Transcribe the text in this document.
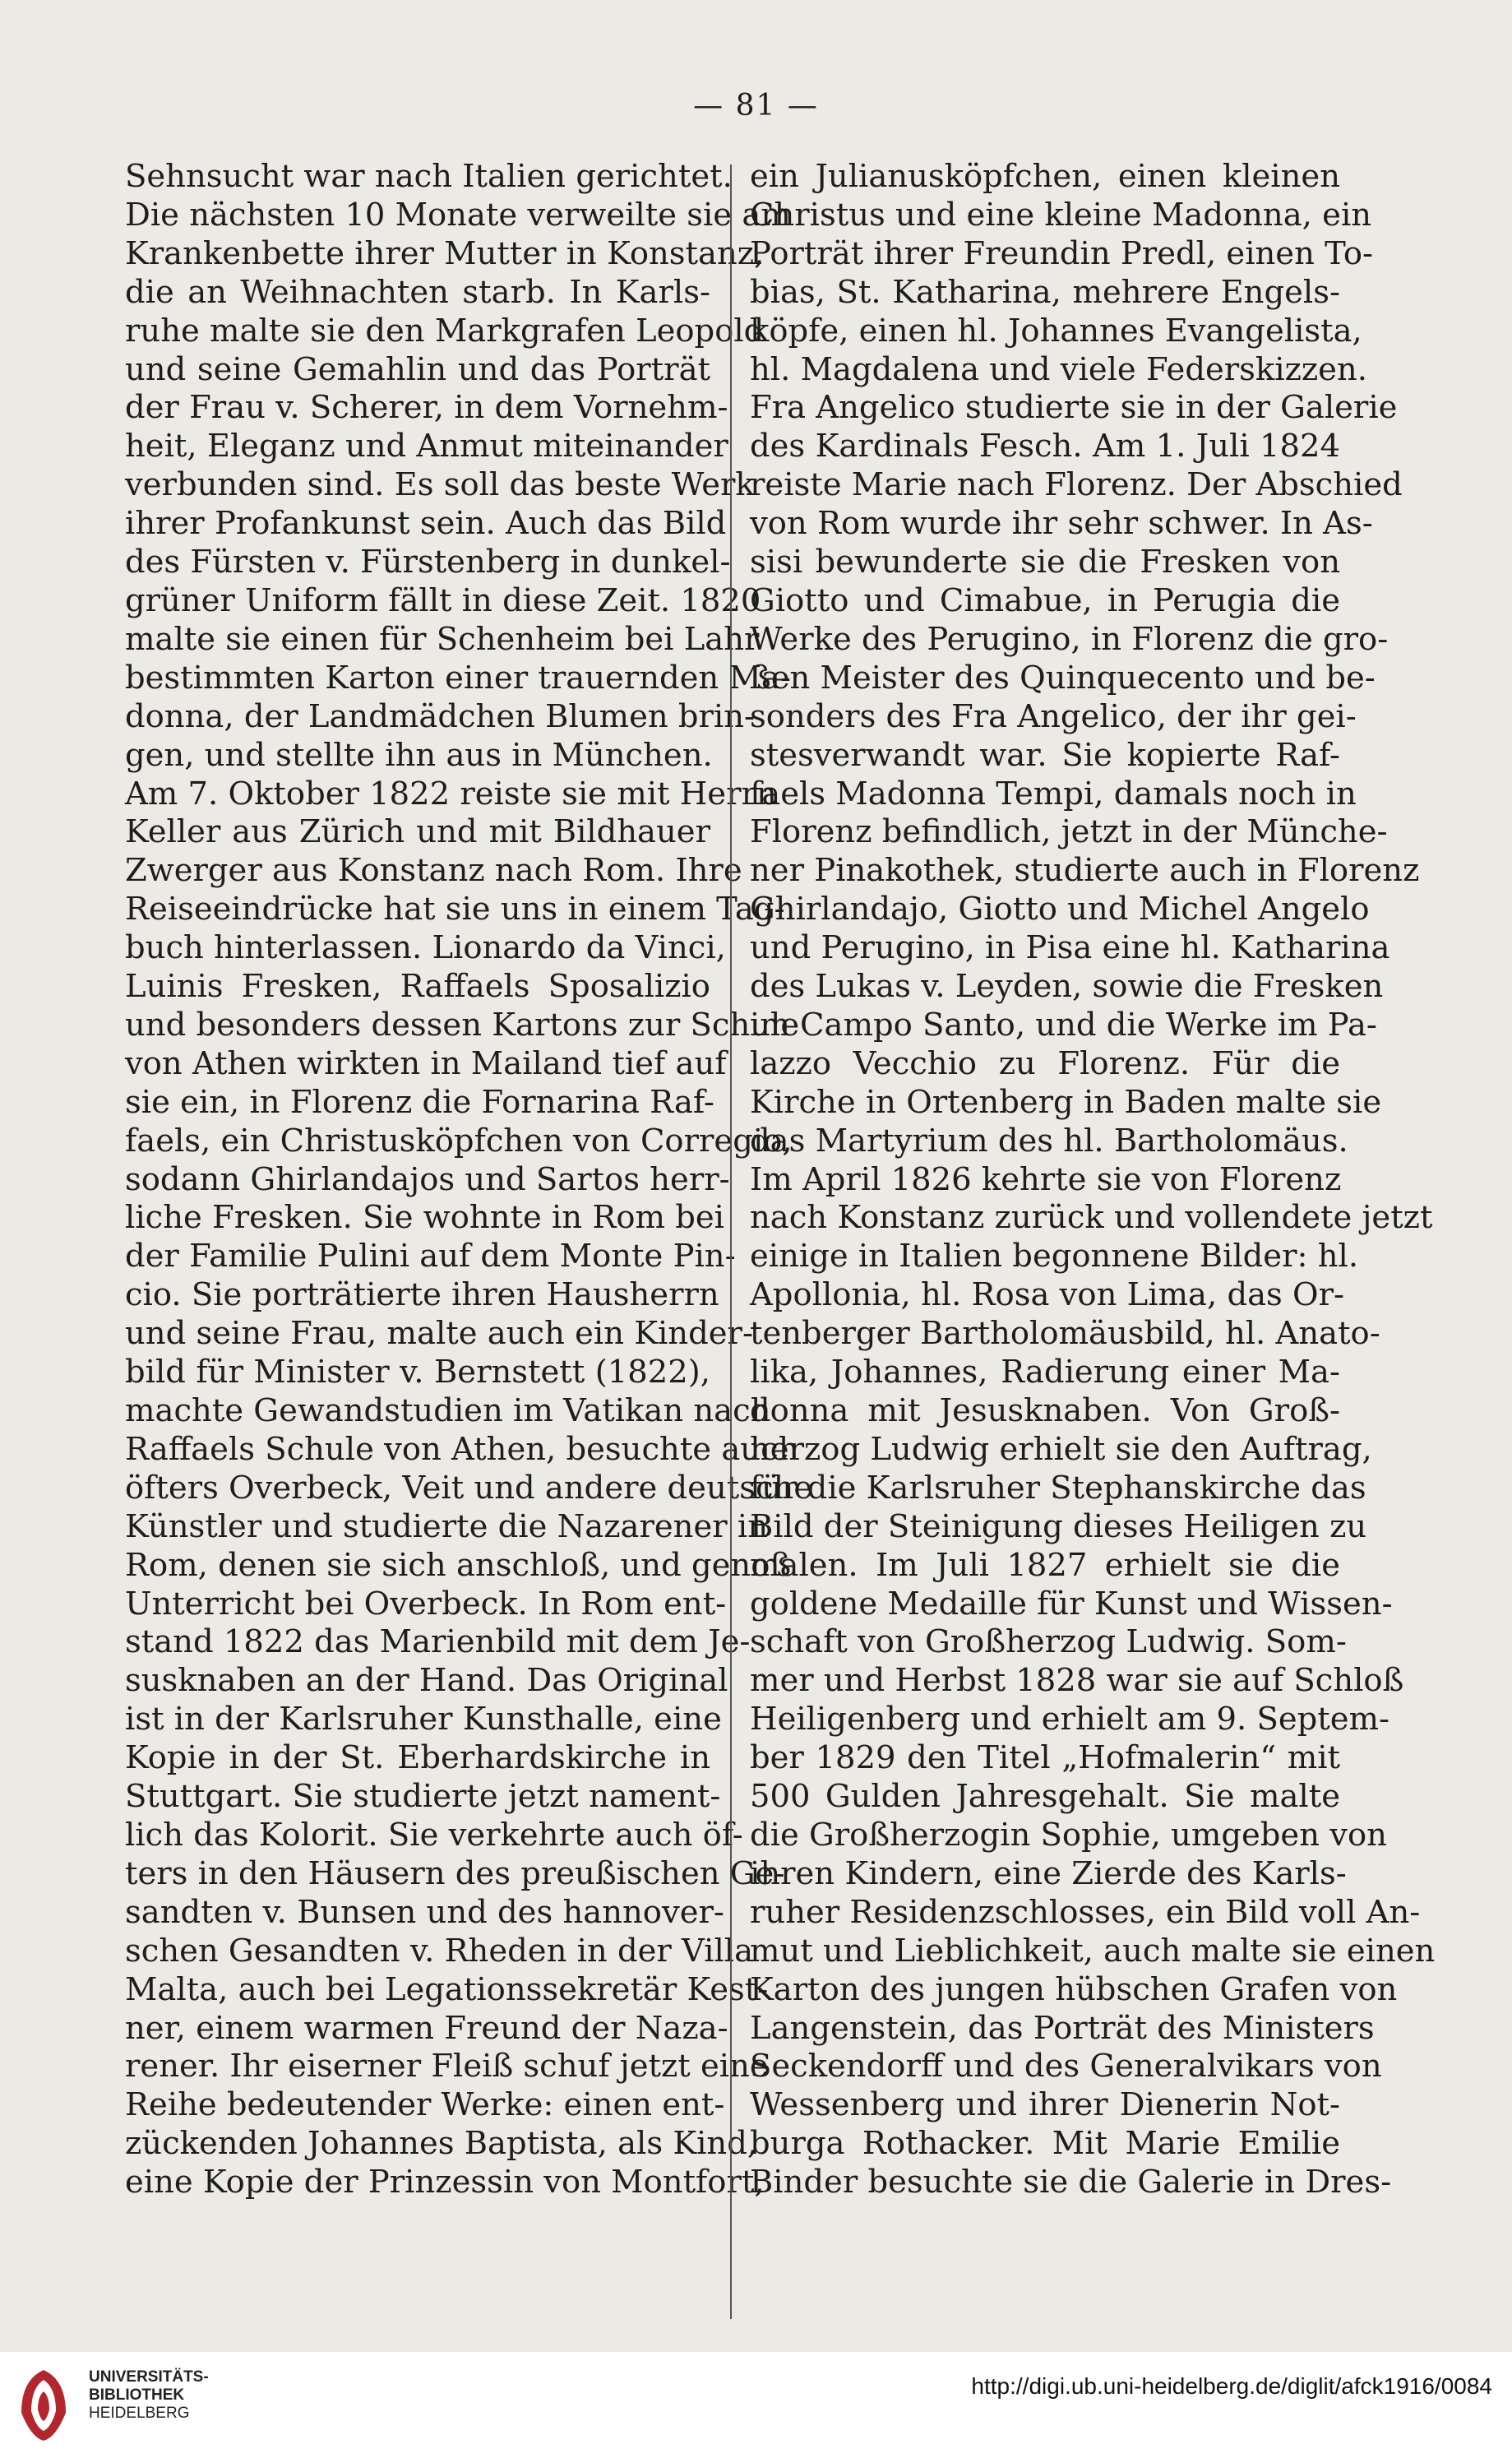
— 81 —
Sehnsucht war nach Italien gerichtet.
Die nächsten 10 Monate verweilte sie am
Krankenbette ihrer Mutter in Konstanz,
die an Weihnachten starb. In Karls-
ruhe malte sie den Markgrafen Leopold
und seine Gemahlin und das Porträt
der Frau v. Scherer, in dem Vornehm-
heit, Eleganz und Anmut miteinander
verbunden sind. Es soll das beste Werk
ihrer Profankunst sein. Auch das Bild
des Fürsten v. Fürstenberg in dunkel-
grüner Uniform fällt in diese Zeit. 1820
malte sie einen für Schenheim bei Lahr
bestimmten Karton einer trauernden Ma-
donna, der Landmädchen Blumen brin-
gen, und stellte ihn aus in München.
Am 7. Oktober 1822 reiste sie mit Herrn
Keller aus Zürich und mit Bildhauer
Zwerger aus Konstanz nach Rom. Ihre
Reiseeindrücke hat sie uns in einem Tag-
buch hinterlassen. Lionardo da Vinci,
Luinis Fresken, Raffaels Sposalizio
und besonders dessen Kartons zur Schule
von Athen wirkten in Mailand tief auf
sie ein, in Florenz die Fornarina Raf-
faels, ein Christusköpfchen von Corregio,
sodann Ghirlandajos und Sartos herr-
liche Fresken. Sie wohnte in Rom bei
der Familie Pulini auf dem Monte Pin-
cio. Sie porträtierte ihren Hausherrn
und seine Frau, malte auch ein Kinder-
bild für Minister v. Bernstett (1822),
machte Gewandstudien im Vatikan nach
Raffaels Schule von Athen, besuchte auch
öfters Overbeck, Veit und andere deutsche
Künstler und studierte die Nazarener in
Rom, denen sie sich anschloß, und genoß
Unterricht bei Overbeck. In Rom ent-
stand 1822 das Marienbild mit dem Je-
susknaben an der Hand. Das Original
ist in der Karlsruher Kunsthalle, eine
Kopie in der St. Eberhardskirche in
Stuttgart. Sie studierte jetzt nament-
lich das Kolorit. Sie verkehrte auch öf-
ters in den Häusern des preußischen Ge-
sandten v. Bunsen und des hannover-
schen Gesandten v. Rheden in der Villa
Malta, auch bei Legationssekretär Kest-
ner, einem warmen Freund der Naza-
rener. Ihr eiserner Fleiß schuf jetzt eine
Reihe bedeutender Werke: einen ent-
zückenden Johannes Baptista, als Kind,
eine Kopie der Prinzessin von Montfort,
ein Julianusköpfchen, einen kleinen
Christus und eine kleine Madonna, ein
Porträt ihrer Freundin Predl, einen To-
bias, St. Katharina, mehrere Engels-
köpfe, einen hl. Johannes Evangelista,
hl. Magdalena und viele Federskizzen.
Fra Angelico studierte sie in der Galerie
des Kardinals Fesch. Am 1. Juli 1824
reiste Marie nach Florenz. Der Abschied
von Rom wurde ihr sehr schwer. In As-
sisi bewunderte sie die Fresken von
Giotto und Cimabue, in Perugia die
Werke des Perugino, in Florenz die gro-
ßen Meister des Quinquecento und be-
sonders des Fra Angelico, der ihr gei-
stesverwandt war. Sie kopierte Raf-
faels Madonna Tempi, damals noch in
Florenz befindlich, jetzt in der Münche-
ner Pinakothek, studierte auch in Florenz
Ghirlandajo, Giotto und Michel Angelo
und Perugino, in Pisa eine hl. Katharina
des Lukas v. Leyden, sowie die Fresken
im Campo Santo, und die Werke im Pa-
lazzo Vecchio zu Florenz. Für die
Kirche in Ortenberg in Baden malte sie
das Martyrium des hl. Bartholomäus.
Im April 1826 kehrte sie von Florenz
nach Konstanz zurück und vollendete jetzt
einige in Italien begonnene Bilder: hl.
Apollonia, hl. Rosa von Lima, das Or-
tenberger Bartholomäusbild, hl. Anato-
lika, Johannes, Radierung einer Ma-
donna mit Jesusknaben. Von Groß-
herzog Ludwig erhielt sie den Auftrag,
für die Karlsruher Stephanskirche das
Bild der Steinigung dieses Heiligen zu
malen. Im Juli 1827 erhielt sie die
goldene Medaille für Kunst und Wissen-
schaft von Großherzog Ludwig. Som-
mer und Herbst 1828 war sie auf Schloß
Heiligenberg und erhielt am 9. Septem-
ber 1829 den Titel „Hofmalerin“ mit
500 Gulden Jahresgehalt. Sie malte
die Großherzogin Sophie, umgeben von
ihren Kindern, eine Zierde des Karls-
ruher Residenzschlosses, ein Bild voll An-
mut und Lieblichkeit, auch malte sie einen
Karton des jungen hübschen Grafen von
Langenstein, das Porträt des Ministers
Seckendorff und des Generalvikars von
Wessenberg und ihrer Dienerin Not-
burga Rothacker. Mit Marie Emilie
Binder besuchte sie die Galerie in Dres-
UNIVERSITÄTS-
BIBLIOTHEK
HEIDELBERG
http://digi.ub.uni-heidelberg.de/diglit/afck1916/0084
